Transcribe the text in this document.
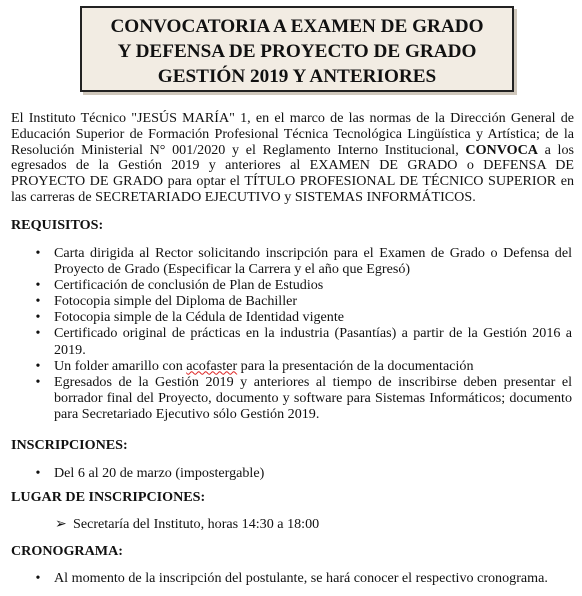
CONVOCATORIA A EXAMEN DE GRADO
Y DEFENSA DE PROYECTO DE GRADO
GESTIÓN 2019 Y ANTERIORES
El Instituto Técnico "JESÚS MARÍA" 1, en el marco de las normas de la Dirección General de Educación Superior de Formación Profesional Técnica Tecnológica Lingüística y Artística; de la Resolución Ministerial N° 001/2020 y el Reglamento Interno Institucional, CONVOCA a los egresados de la Gestión 2019 y anteriores al EXAMEN DE GRADO o DEFENSA DE PROYECTO DE GRADO para optar el TÍTULO PROFESIONAL DE TÉCNICO SUPERIOR en las carreras de SECRETARIADO EJECUTIVO y SISTEMAS INFORMÁTICOS.
REQUISITOS:
• Carta dirigida al Rector solicitando inscripción para el Examen de Grado o Defensa del Proyecto de Grado (Especificar la Carrera y el año que Egresó)
• Certificación de conclusión de Plan de Estudios
• Fotocopia simple del Diploma de Bachiller
• Fotocopia simple de la Cédula de Identidad vigente
• Certificado original de prácticas en la industria (Pasantías) a partir de la Gestión 2016 a 2019.
• Un folder amarillo con acofaster para la presentación de la documentación
• Egresados de la Gestión 2019 y anteriores al tiempo de inscribirse deben presentar el borrador final del Proyecto, documento y software para Sistemas Informáticos; documento para Secretariado Ejecutivo sólo Gestión 2019.
INSCRIPCIONES:
• Del 6 al 20 de marzo (impostergable)
LUGAR DE INSCRIPCIONES:
➢ Secretaría del Instituto, horas 14:30 a 18:00
CRONOGRAMA:
• Al momento de la inscripción del postulante, se hará conocer el respectivo cronograma.
